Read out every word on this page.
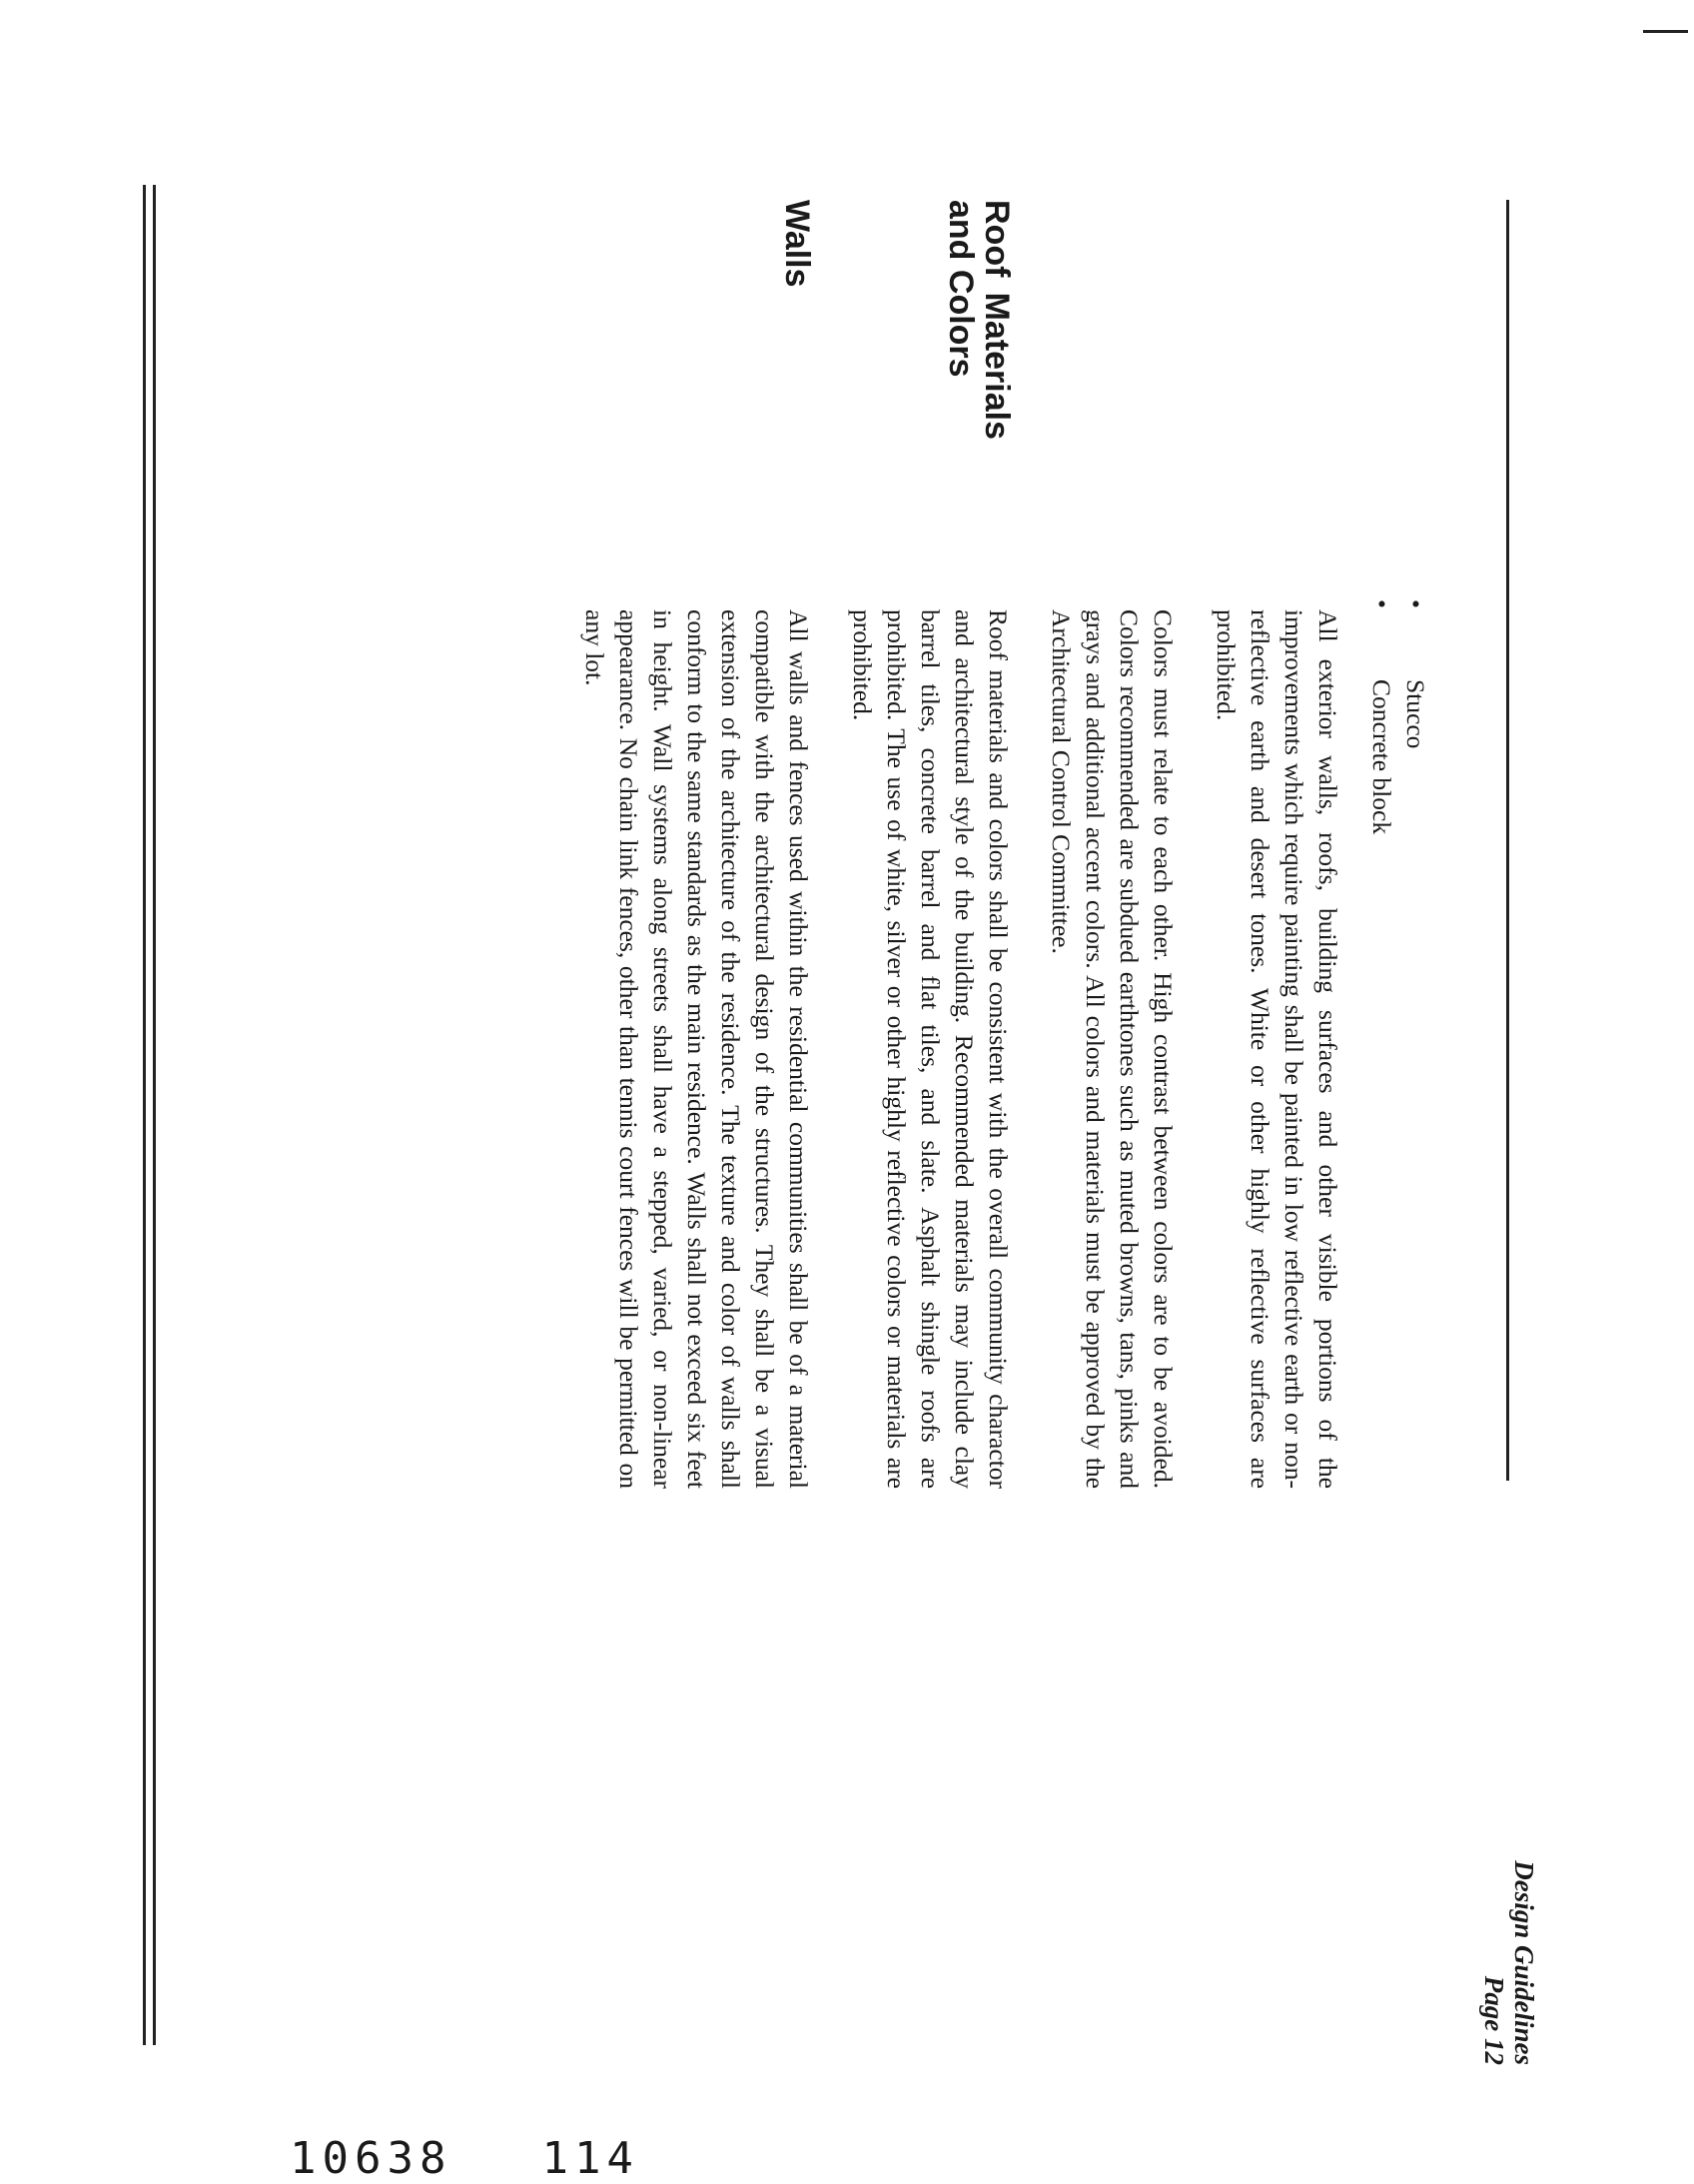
Design Guidelines
Page 12
•
Stucco
•
Concrete block

All exterior walls, roofs, building surfaces and other visible portions of the improvements which require painting shall be painted in low reflective earth or non-reflective earth and desert tones. White or other highly reflective surfaces are prohibited.

Colors must relate to each other. High contrast between colors are to be avoided. Colors recommended are subdued earthtones such as muted browns, tans, pinks and grays and additional accent colors. All colors and materials must be approved by the Architectural Control Committee.

Roof Materials
and Colors

Roof materials and colors shall be consistent with the overall community charactor and architectural style of the building. Recommended materials may include clay barrel tiles, concrete barrel and flat tiles, and slate. Asphalt shingle roofs are prohibited. The use of white, silver or other highly reflective colors or materials are prohibited.

Walls

All walls and fences used within the residential communities shall be of a material compatible with the architectural design of the structures. They shall be a visual extension of the architecture of the residence. The texture and color of walls shall conform to the same standards as the main residence. Walls shall not exceed six feet in height. Wall systems along streets shall have a stepped, varied, or non-linear appearance. No chain link fences, other than tennis court fences will be permitted on any lot.

10638 114
